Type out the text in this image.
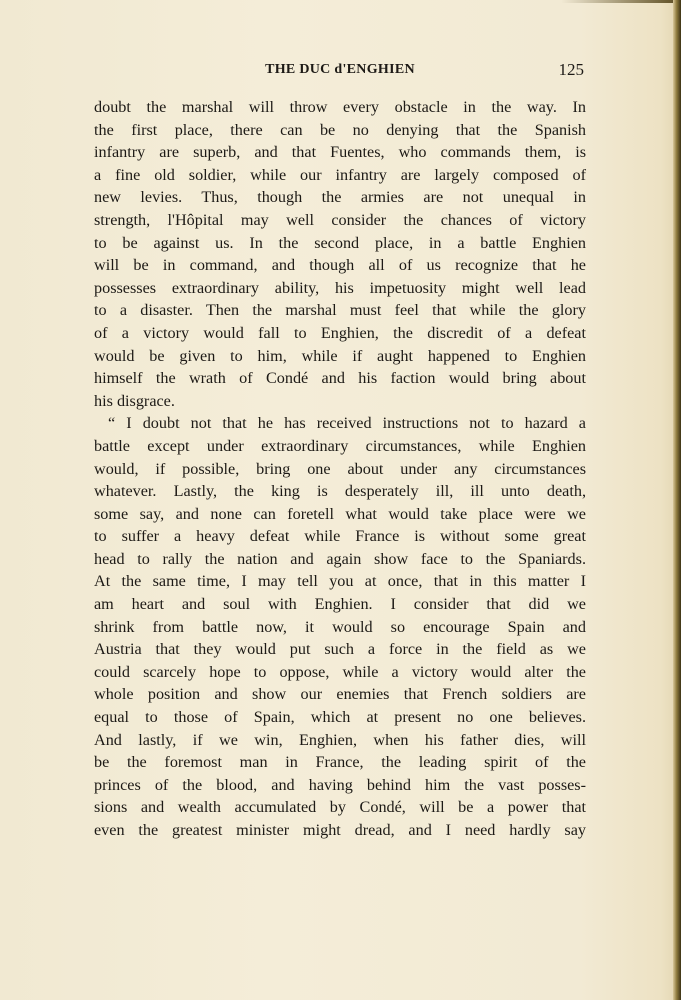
THE DUC d'ENGHIEN	125
doubt the marshal will throw every obstacle in the way. In
the first place, there can be no denying that the Spanish
infantry are superb, and that Fuentes, who commands them, is
a fine old soldier, while our infantry are largely composed of
new levies. Thus, though the armies are not unequal in
strength, l'Hôpital may well consider the chances of victory
to be against us. In the second place, in a battle Enghien
will be in command, and though all of us recognize that he
possesses extraordinary ability, his impetuosity might well lead
to a disaster. Then the marshal must feel that while the glory
of a victory would fall to Enghien, the discredit of a defeat
would be given to him, while if aught happened to Enghien
himself the wrath of Condé and his faction would bring about
his disgrace.
“ I doubt not that he has received instructions not to hazard a
battle except under extraordinary circumstances, while Enghien
would, if possible, bring one about under any circumstances
whatever. Lastly, the king is desperately ill, ill unto death,
some say, and none can foretell what would take place were we
to suffer a heavy defeat while France is without some great
head to rally the nation and again show face to the Spaniards.
At the same time, I may tell you at once, that in this matter I
am heart and soul with Enghien. I consider that did we
shrink from battle now, it would so encourage Spain and
Austria that they would put such a force in the field as we
could scarcely hope to oppose, while a victory would alter the
whole position and show our enemies that French soldiers are
equal to those of Spain, which at present no one believes.
And lastly, if we win, Enghien, when his father dies, will
be the foremost man in France, the leading spirit of the
princes of the blood, and having behind him the vast posses-
sions and wealth accumulated by Condé, will be a power that
even the greatest minister might dread, and I need hardly say
